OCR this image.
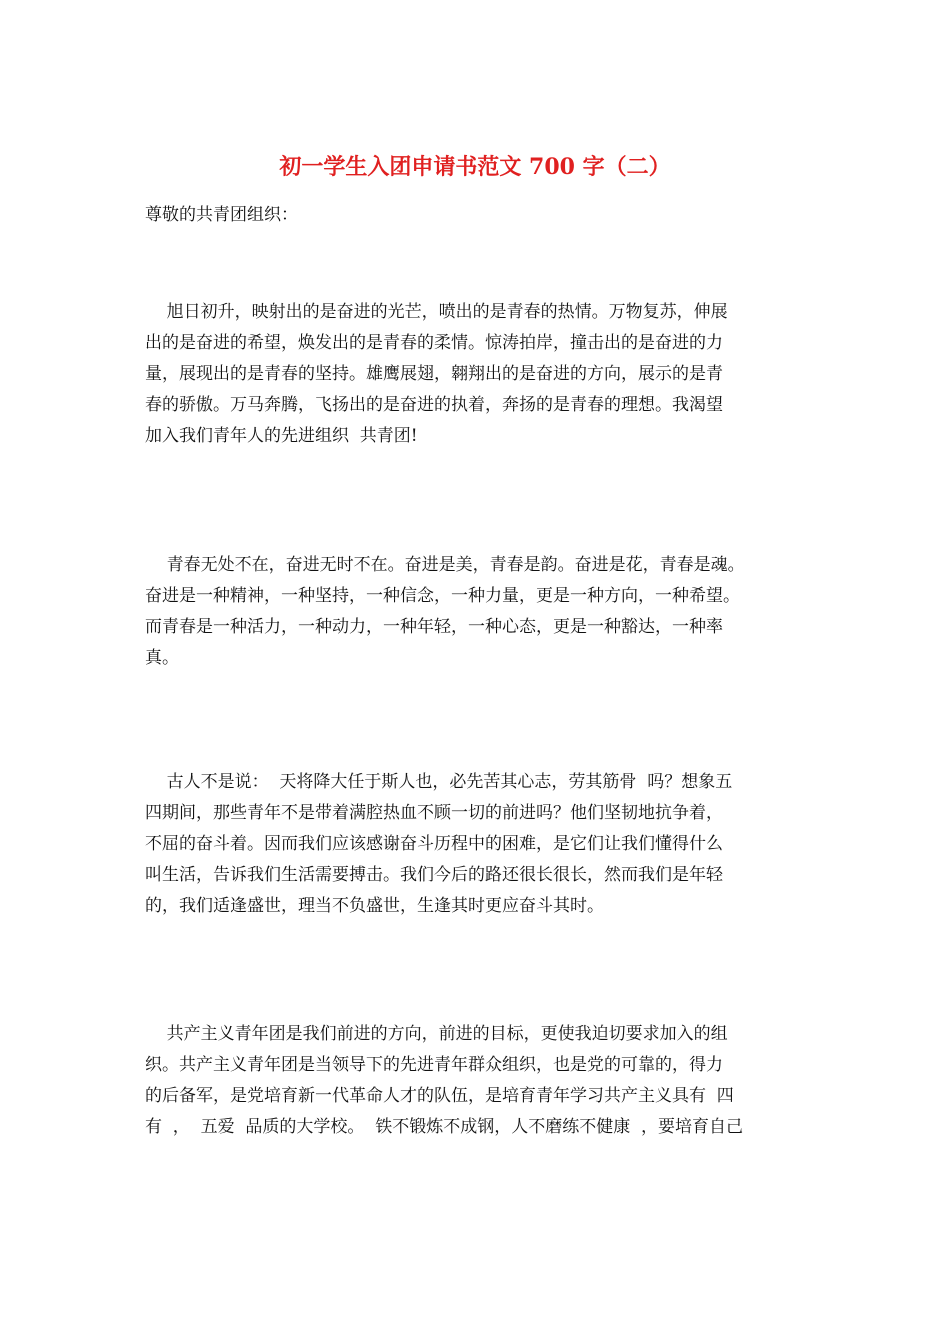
初一学生入团申请书范文 700 字（二）
尊敬的共青团组织：
旭日初升，映射出的是奋进的光芒，喷出的是青春的热情。万物复苏，伸展
出的是奋进的希望，焕发出的是青春的柔情。惊涛拍岸，撞击出的是奋进的力
量，展现出的是青春的坚持。雄鹰展翅，翱翔出的是奋进的方向，展示的是青
春的骄傲。万马奔腾，飞扬出的是奋进的执着，奔扬的是青春的理想。我渴望
加入我们青年人的先进组织  共青团!
青春无处不在，奋进无时不在。奋进是美，青春是韵。奋进是花，青春是魂。
奋进是一种精神，一种坚持，一种信念，一种力量，更是一种方向，一种希望。
而青春是一种活力，一种动力，一种年轻，一种心态，更是一种豁达，一种率
真。
古人不是说：  天将降大任于斯人也，必先苦其心志，劳其筋骨  吗？想象五
四期间，那些青年不是带着满腔热血不顾一切的前进吗？他们坚韧地抗争着，
不屈的奋斗着。因而我们应该感谢奋斗历程中的困难，是它们让我们懂得什么
叫生活，告诉我们生活需要搏击。我们今后的路还很长很长，然而我们是年轻
的，我们适逢盛世，理当不负盛世，生逢其时更应奋斗其时。
共产主义青年团是我们前进的方向，前进的目标，更使我迫切要求加入的组
织。共产主义青年团是当领导下的先进青年群众组织，也是党的可靠的，得力
的后备军，是党培育新一代革命人才的队伍，是培育青年学习共产主义具有  四
有  ，  五爱  品质的大学校。  铁不锻炼不成钢，人不磨练不健康  ，要培育自己
